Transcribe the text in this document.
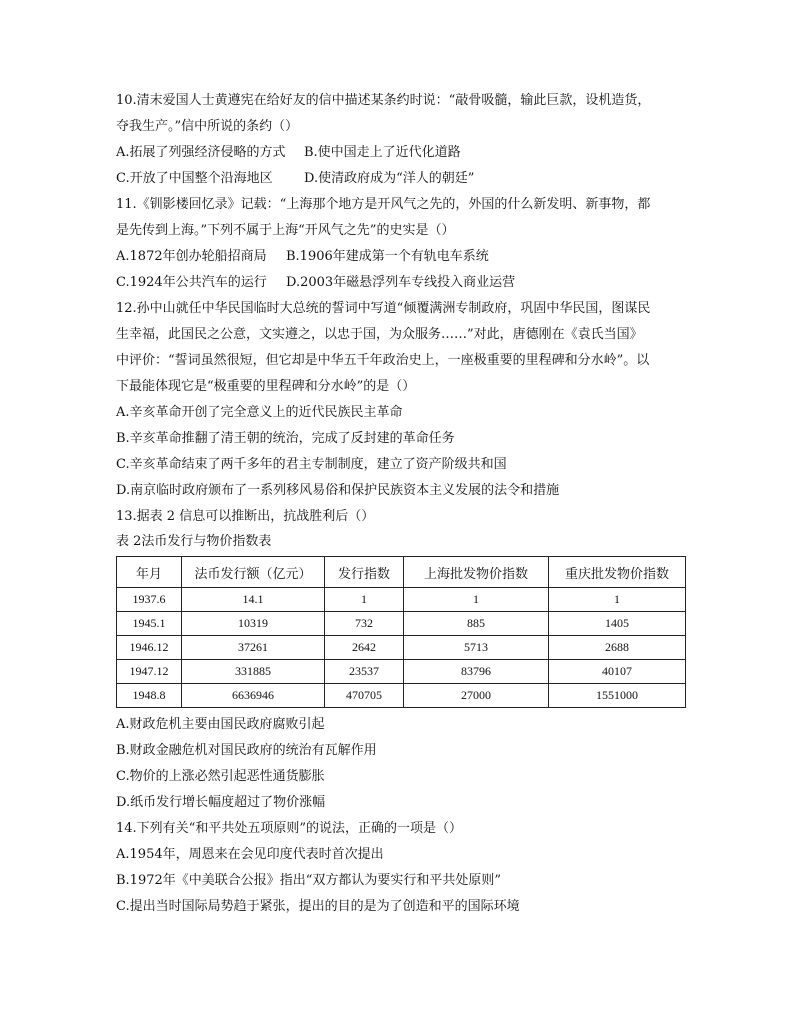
10.清末爱国人士黄遵宪在给好友的信中描述某条约时说：“敲骨吸髓，输此巨款，设机造货，
夺我生产。”信中所说的条约（）
A.拓展了列强经济侵略的方式	B.使中国走上了近代化道路
C.开放了中国整个沿海地区	D.使清政府成为“洋人的朝廷”
11.《钏影楼回忆录》记载：“上海那个地方是开风气之先的，外国的什么新发明、新事物，都
是先传到上海。”下列不属于上海“开风气之先”的史实是（）
A.1872年创办轮船招商局	B.1906年建成第一个有轨电车系统
C.1924年公共汽车的运行	D.2003年磁悬浮列车专线投入商业运营
12.孙中山就任中华民国临时大总统的誓词中写道“倾覆满洲专制政府，巩固中华民国，图谋民
生幸福，此国民之公意，文实遵之，以忠于国，为众服务……”对此，唐德刚在《袁氏当国》
中评价：“誓词虽然很短，但它却是中华五千年政治史上，一座极重要的里程碑和分水岭”。以
下最能体现它是“极重要的里程碑和分水岭”的是（）
A.辛亥革命开创了完全意义上的近代民族民主革命
B.辛亥革命推翻了清王朝的统治，完成了反封建的革命任务
C.辛亥革命结束了两千多年的君主专制制度，建立了资产阶级共和国
D.南京临时政府颁布了一系列移风易俗和保护民族资本主义发展的法令和措施
13.据表 2 信息可以推断出，抗战胜利后（）
表 2法币发行与物价指数表
年月	法币发行额（亿元）	发行指数	上海批发物价指数	重庆批发物价指数
1937.6	14.1	1	1	1
1945.1	10319	732	885	1405
1946.12	37261	2642	5713	2688
1947.12	331885	23537	83796	40107
1948.8	6636946	470705	27000	1551000
A.财政危机主要由国民政府腐败引起
B.财政金融危机对国民政府的统治有瓦解作用
C.物价的上涨必然引起恶性通货膨胀
D.纸币发行增长幅度超过了物价涨幅
14.下列有关“和平共处五项原则”的说法，正确的一项是（）
A.1954年，周恩来在会见印度代表时首次提出
B.1972年《中美联合公报》指出“双方都认为要实行和平共处原则”
C.提出当时国际局势趋于紧张，提出的目的是为了创造和平的国际环境
